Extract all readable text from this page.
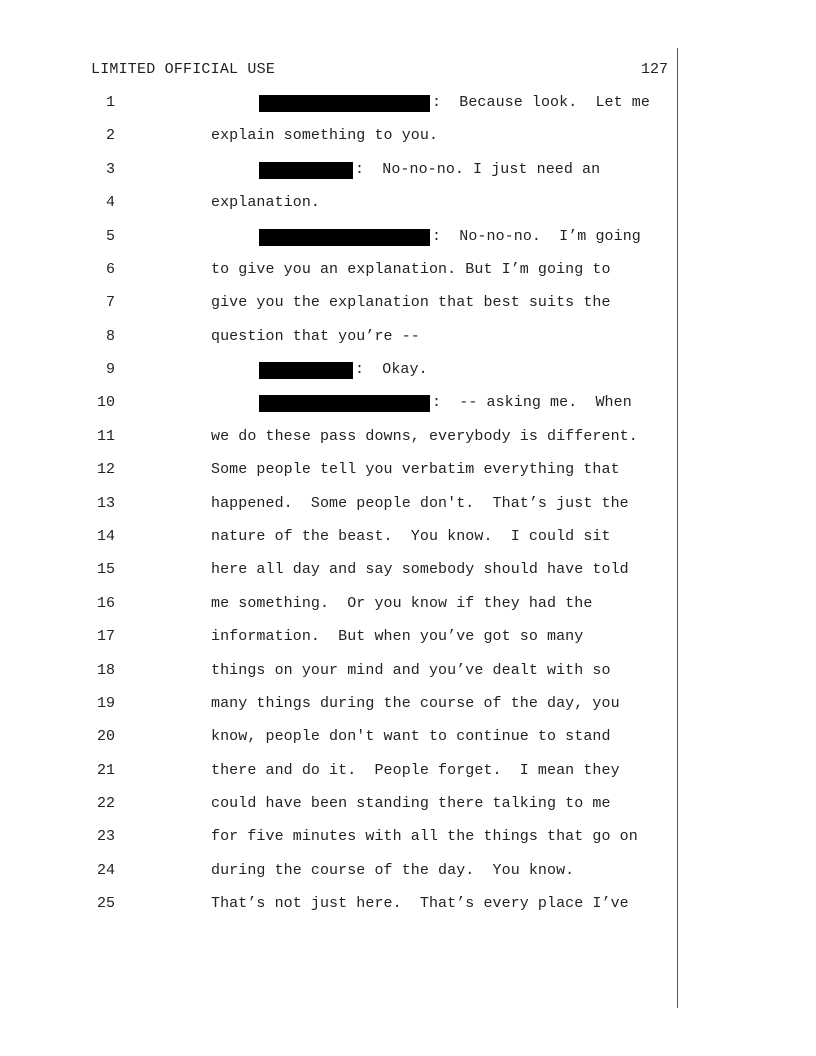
LIMITED OFFICIAL USE	127
1	:  Because look.  Let me
2	explain something to you.
3	:  No-no-no. I just need an
4	explanation.
5	:  No-no-no.  I’m going
6	to give you an explanation. But I’m going to
7	give you the explanation that best suits the
8	question that you’re --
9	:  Okay.
10	:  -- asking me.  When
11	we do these pass downs, everybody is different.
12	Some people tell you verbatim everything that
13	happened.  Some people don't.  That’s just the
14	nature of the beast.  You know.  I could sit
15	here all day and say somebody should have told
16	me something.  Or you know if they had the
17	information.  But when you’ve got so many
18	things on your mind and you’ve dealt with so
19	many things during the course of the day, you
20	know, people don't want to continue to stand
21	there and do it.  People forget.  I mean they
22	could have been standing there talking to me
23	for five minutes with all the things that go on
24	during the course of the day.  You know.
25	That’s not just here.  That’s every place I’ve
